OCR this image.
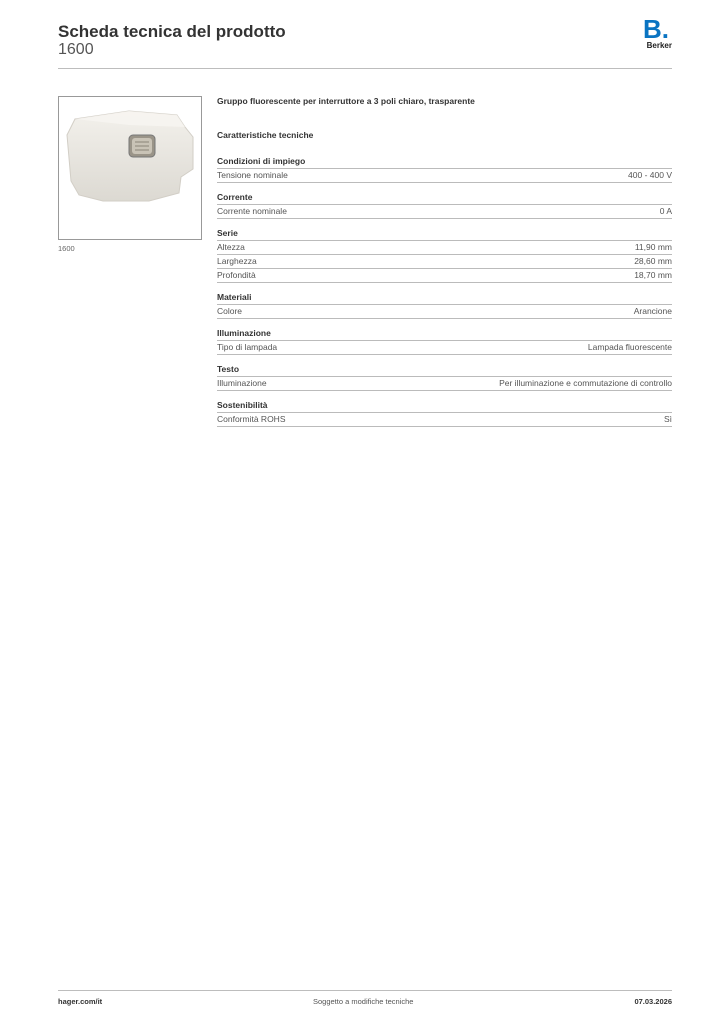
Scheda tecnica del prodotto
1600
B.
Berker
1600
Gruppo fluorescente per interruttore a 3 poli chiaro, trasparente
Caratteristiche tecniche
Condizioni di impiego
Tensione nominale	400 - 400 V
Corrente
Corrente nominale	0 A
Serie
Altezza	11,90 mm
Larghezza	28,60 mm
Profondità	18,70 mm
Materiali
Colore	Arancione
Illuminazione
Tipo di lampada	Lampada fluorescente
Testo
Illuminazione	Per illuminazione e commutazione di controllo
Sostenibilità
Conformità ROHS	Sì
hager.com/it	Soggetto a modifiche tecniche	07.03.2026
